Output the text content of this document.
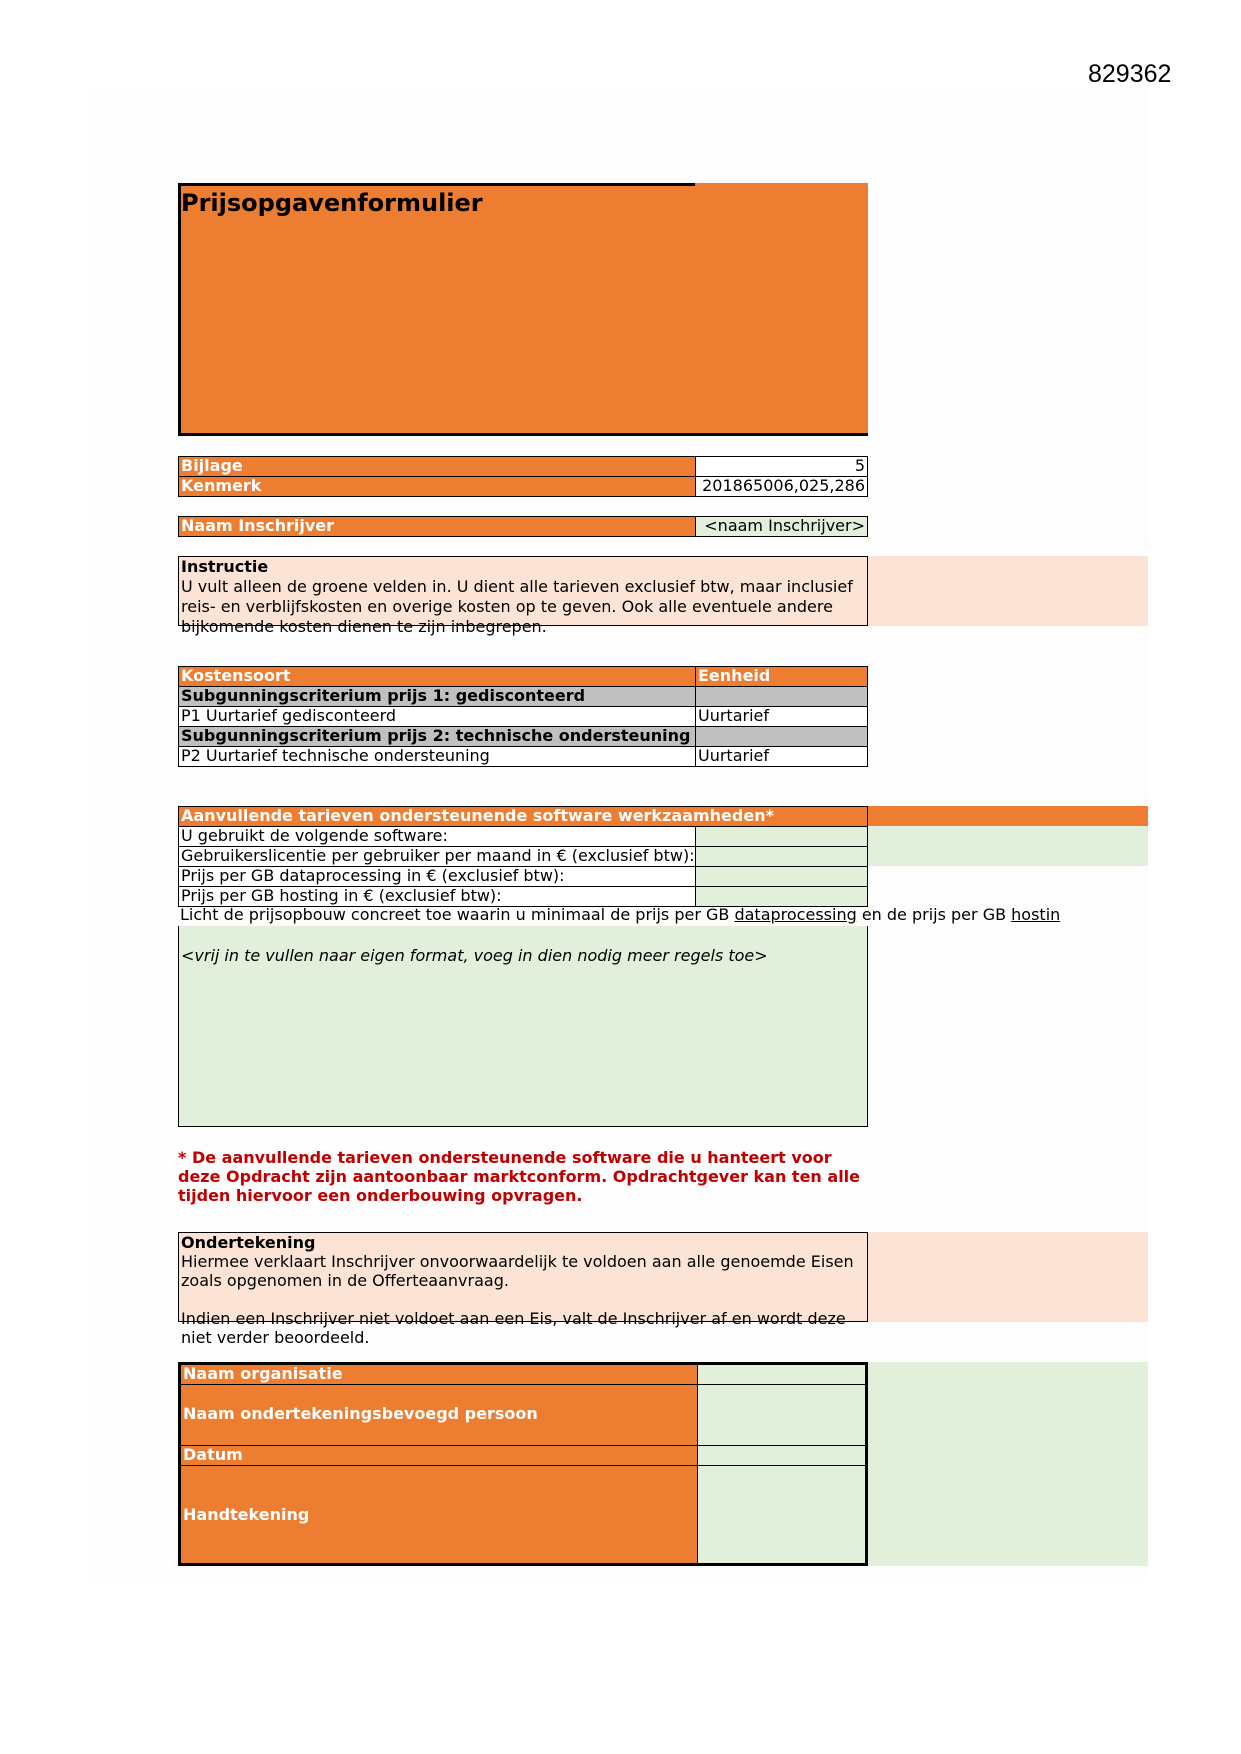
829362
Prijsopgavenformulier
Bijlage	5
Kenmerk	201865006,025,286
Naam Inschrijver	<naam Inschrijver>
Instructie
U vult alleen de groene velden in. U dient alle tarieven exclusief btw, maar inclusief reis- en verblijfskosten en overige kosten op te geven. Ook alle eventuele andere bijkomende kosten dienen te zijn inbegrepen.
Kostensoort	Eenheid
Subgunningscriterium prijs 1: gedisconteerd
P1 Uurtarief gedisconteerd	Uurtarief
Subgunningscriterium prijs 2: technische ondersteuning
P2 Uurtarief technische ondersteuning	Uurtarief
Aanvullende tarieven ondersteunende software werkzaamheden*
U gebruikt de volgende software:
Gebruikerslicentie per gebruiker per maand in € (exclusief btw):
Prijs per GB dataprocessing in € (exclusief btw):
Prijs per GB hosting in € (exclusief btw):
Licht de prijsopbouw concreet toe waarin u minimaal de prijs per GB dataprocessing en de prijs per GB hostin
<vrij in te vullen naar eigen format, voeg in dien nodig meer regels toe>
* De aanvullende tarieven ondersteunende software die u hanteert voor deze Opdracht zijn aantoonbaar marktconform. Opdrachtgever kan ten alle tijden hiervoor een onderbouwing opvragen.
Ondertekening
Hiermee verklaart Inschrijver onvoorwaardelijk te voldoen aan alle genoemde Eisen zoals opgenomen in de Offerteaanvraag.
Indien een Inschrijver niet voldoet aan een Eis, valt de Inschrijver af en wordt deze niet verder beoordeeld.
Naam organisatie
Naam ondertekeningsbevoegd persoon
Datum
Handtekening
